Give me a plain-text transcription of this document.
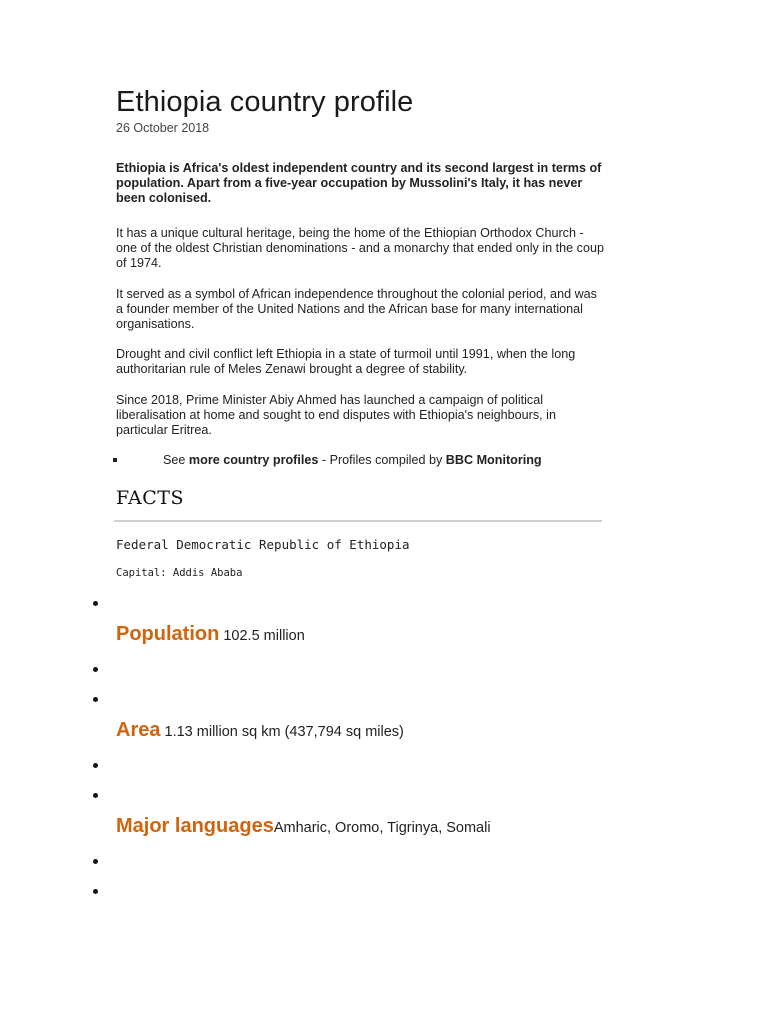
Ethiopia country profile
26 October 2018

Ethiopia is Africa's oldest independent country and its second largest in terms of population. Apart from a five-year occupation by Mussolini's Italy, it has never been colonised.

It has a unique cultural heritage, being the home of the Ethiopian Orthodox Church - one of the oldest Christian denominations - and a monarchy that ended only in the coup of 1974.

It served as a symbol of African independence throughout the colonial period, and was a founder member of the United Nations and the African base for many international organisations.

Drought and civil conflict left Ethiopia in a state of turmoil until 1991, when the long authoritarian rule of Meles Zenawi brought a degree of stability.

Since 2018, Prime Minister Abiy Ahmed has launched a campaign of political liberalisation at home and sought to end disputes with Ethiopia's neighbours, in particular Eritrea.

See more country profiles - Profiles compiled by BBC Monitoring
FACTS
Federal Democratic Republic of Ethiopia
Capital: Addis Ababa
Population 102.5 million
Area 1.13 million sq km (437,794 sq miles)
Major languagesAmharic, Oromo, Tigrinya, Somali
